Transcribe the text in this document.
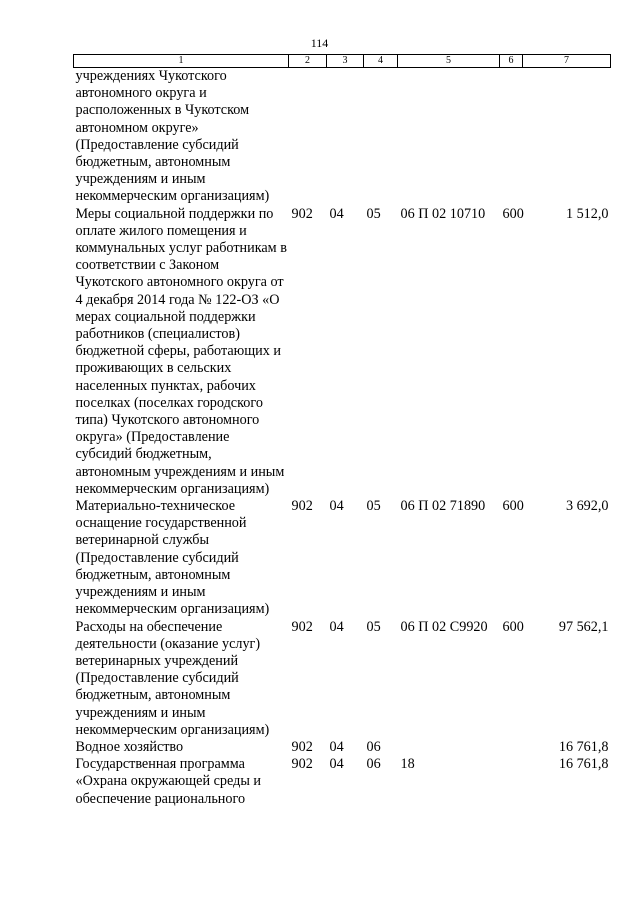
114
1	2	3	4	5	6	7
учреждениях Чукотского автономного округа и расположенных в Чукотском автономном округе» (Предоставление субсидий бюджетным, автономным учреждениям и иным некоммерческим организациям)						
Меры социальной поддержки по оплате жилого помещения и коммунальных услуг работникам в соответствии с Законом Чукотского автономного округа от 4 декабря 2014 года № 122-ОЗ «О мерах социальной поддержки работников (специалистов) бюджетной сферы, работающих и проживающих в сельских населенных пунктах, рабочих поселках (поселках городского типа) Чукотского автономного округа» (Предоставление субсидий бюджетным, автономным учреждениям и иным некоммерческим организациям)	902	04	05	06 П 02 10710	600	1 512,0
Материально-техническое оснащение государственной ветеринарной службы (Предоставление субсидий бюджетным, автономным учреждениям и иным некоммерческим организациям)	902	04	05	06 П 02 71890	600	3 692,0
Расходы на обеспечение деятельности (оказание услуг) ветеринарных учреждений (Предоставление субсидий бюджетным, автономным учреждениям и иным некоммерческим организациям)	902	04	05	06 П 02 С9920	600	97 562,1
Водное хозяйство	902	04	06			16 761,8
Государственная программа «Охрана окружающей среды и обеспечение рационального	902	04	06	18		16 761,8
